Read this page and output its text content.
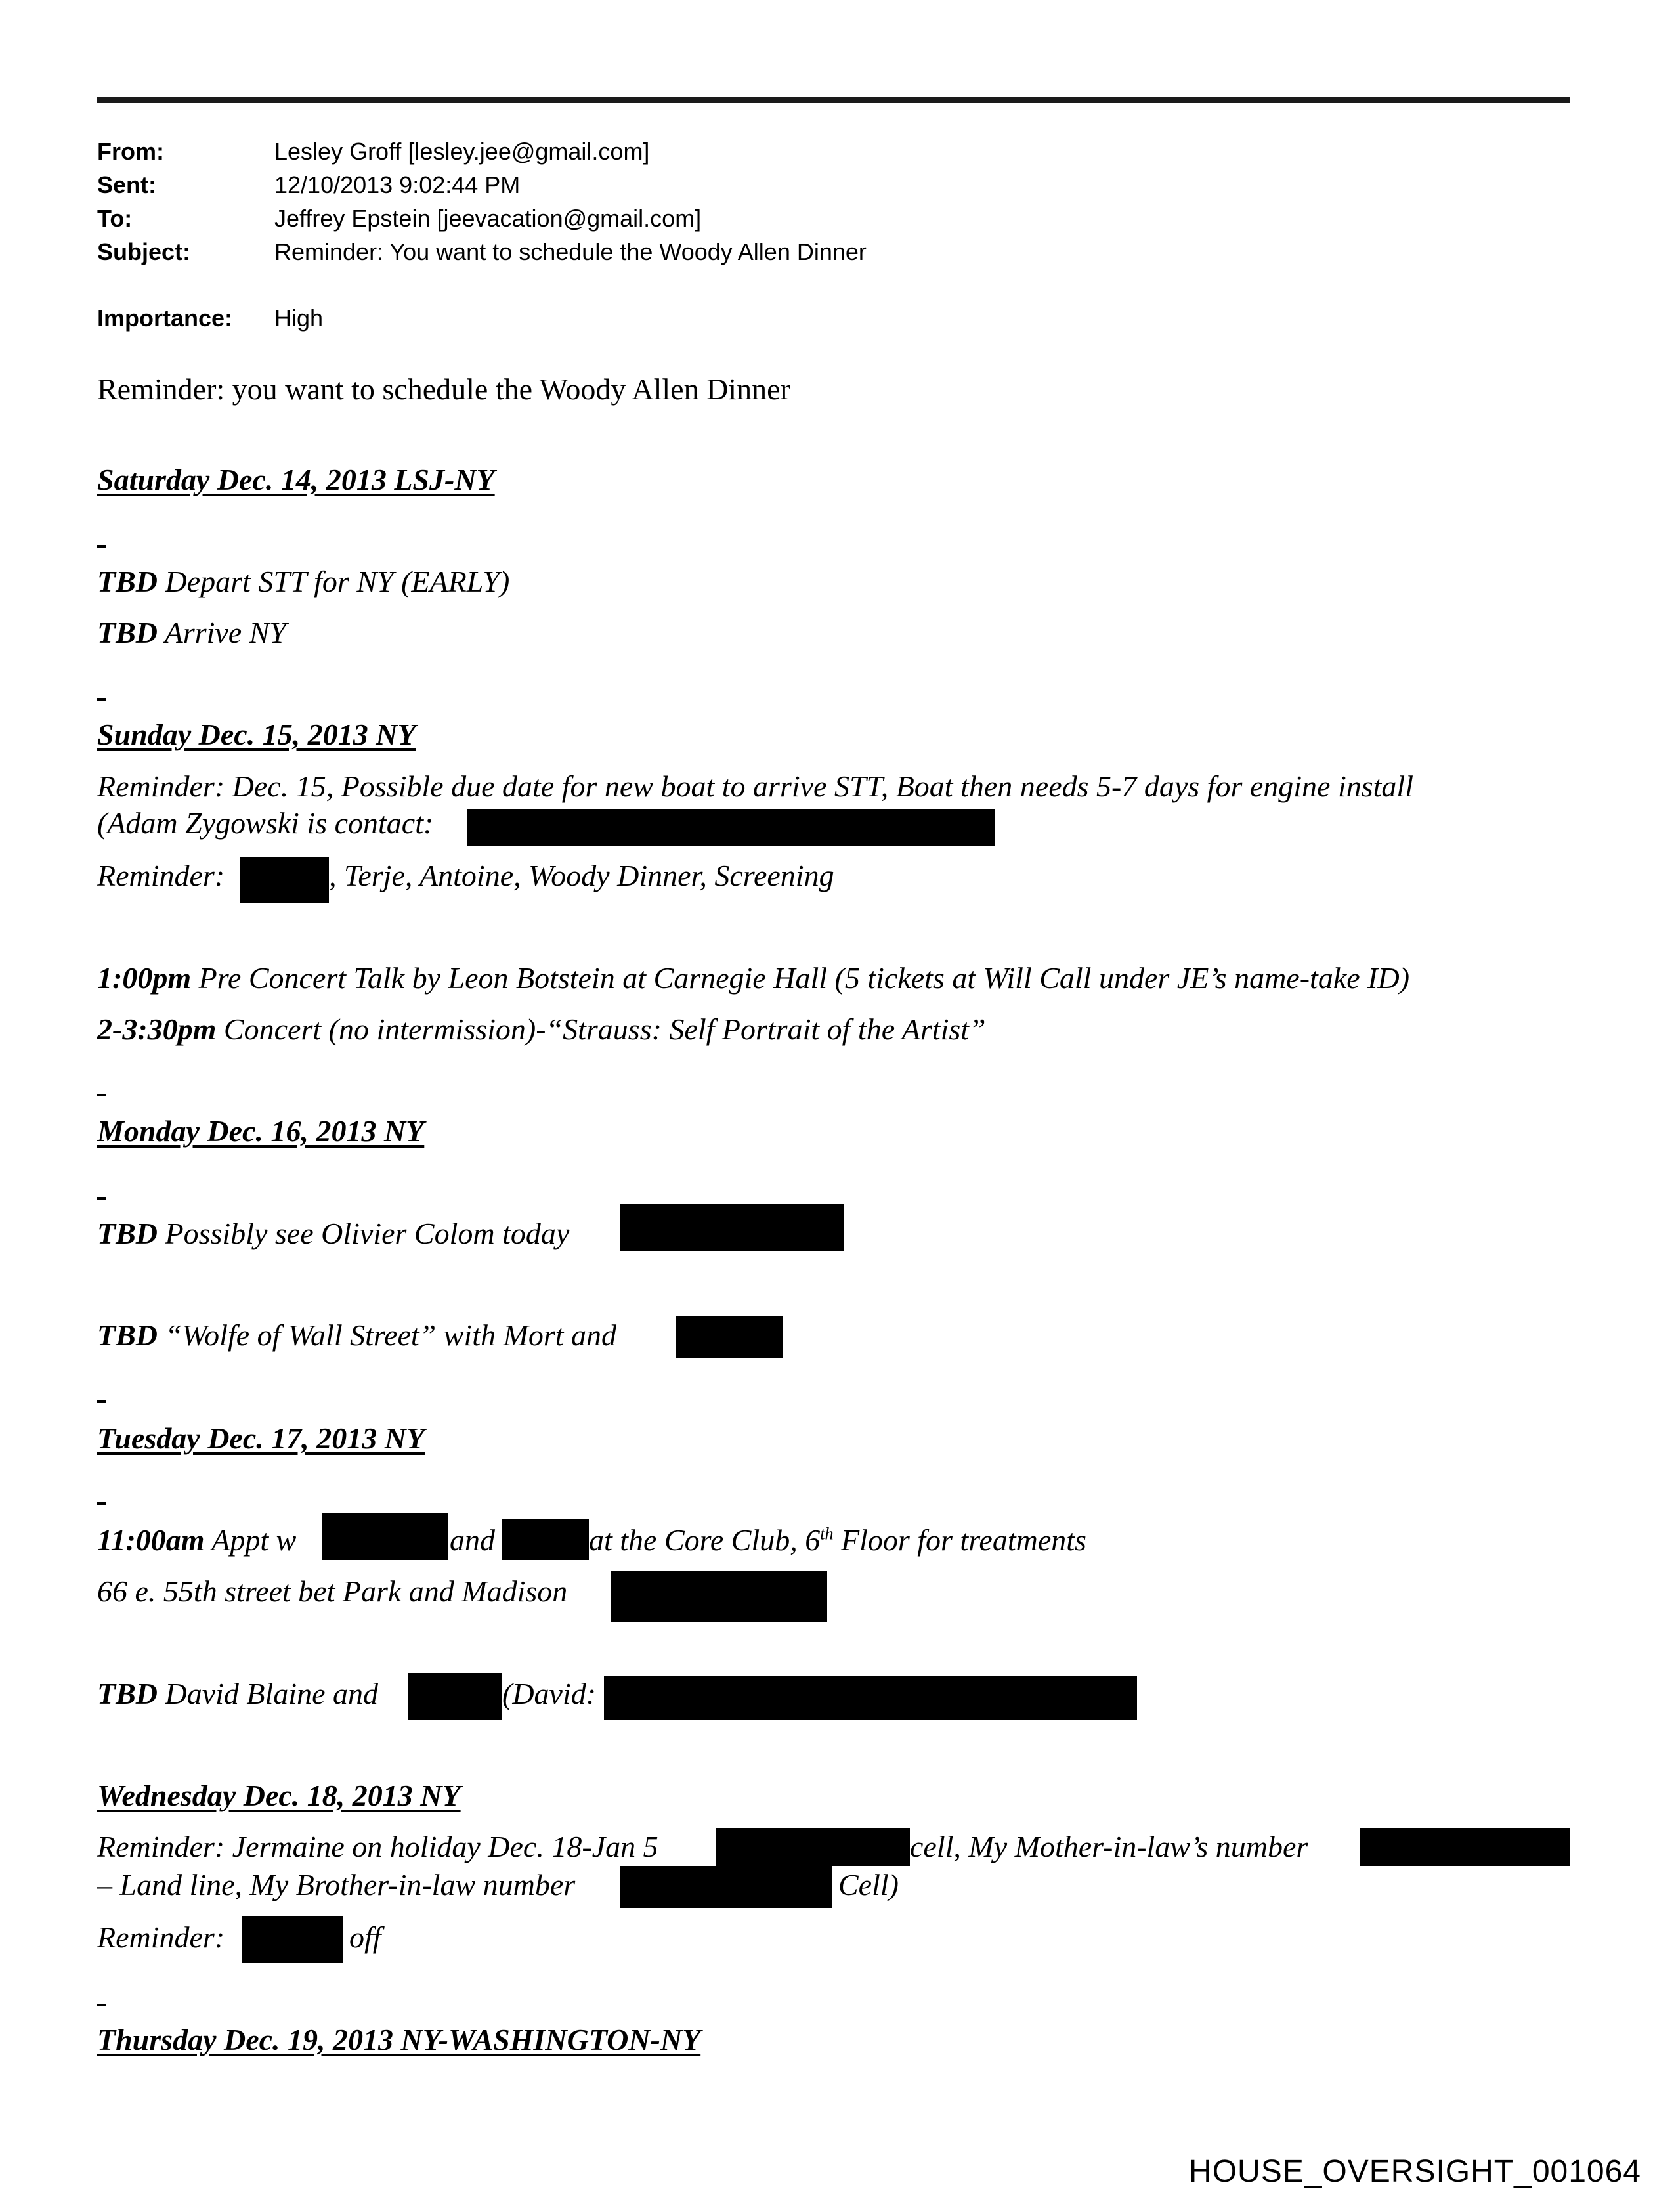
From:	Lesley Groff [lesley.jee@gmail.com]
Sent:	12/10/2013 9:02:44 PM
To:	Jeffrey Epstein [jeevacation@gmail.com]
Subject:	Reminder: You want to schedule the Woody Allen Dinner
Importance:	High
Reminder: you want to schedule the Woody Allen Dinner
Saturday Dec. 14, 2013 LSJ-NY
TBD Depart STT for NY (EARLY)
TBD Arrive NY
Sunday Dec. 15, 2013 NY
Reminder: Dec. 15, Possible due date for new boat to arrive STT, Boat then needs 5-7 days for engine install
(Adam Zygowski is contact:
Reminder:	, Terje, Antoine, Woody Dinner, Screening
1:00pm Pre Concert Talk by Leon Botstein at Carnegie Hall (5 tickets at Will Call under JE’s name-take ID)
2-3:30pm Concert (no intermission)-“Strauss: Self Portrait of the Artist”
Monday Dec. 16, 2013 NY
TBD Possibly see Olivier Colom today
TBD “Wolfe of Wall Street” with Mort and
Tuesday Dec. 17, 2013 NY
11:00am Appt w	and	at the Core Club, 6th Floor for treatments
66 e. 55th street bet Park and Madison
TBD David Blaine and	(David:
Wednesday Dec. 18, 2013 NY
Reminder: Jermaine on holiday Dec. 18-Jan 5	cell, My Mother-in-law’s number
– Land line, My Brother-in-law number	Cell)
Reminder:	off
Thursday Dec. 19, 2013 NY-WASHINGTON-NY
HOUSE_OVERSIGHT_001064
